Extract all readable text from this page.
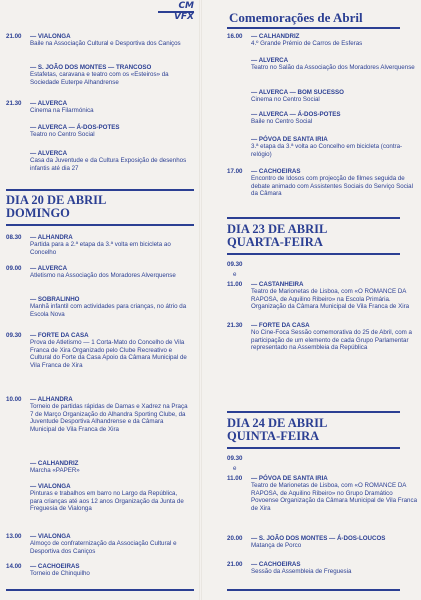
CM
VFX
21.00	— VIALONGA
Baile na Associação Cultural e Desportiva dos Caniços
— S. JOÃO DOS MONTES — TRANCOSO
Estafetas, caravana e teatro com os «Esteiros» da Sociedade Euterpe Alhandrense
21.30	— ALVERCA
Cinema na Filarmónica
— ALVERCA — Á-DOS-POTES
Teatro no Centro Social
— ALVERCA
Casa da Juventude e da Cultura Exposição de desenhos infantis até dia 27
DIA 20 DE ABRIL
DOMINGO
08.30	— ALHANDRA
Partida para a 2.ª etapa da 3.ª volta em bicicleta ao Concelho
09.00	— ALVERCA
Atletismo na Associação dos Moradores Alverquense
— SOBRALINHO
Manhã infantil com actividades para crianças, no átrio da Escola Nova
09.30	— FORTE DA CASA
Prova de Atletismo — 1 Corta-Mato do Concelho de Vila Franca de Xira Organizado pelo Clube Recreativo e Cultural do Forte da Casa Apoio da Câmara Municipal de Vila Franca de Xira
10.00	— ALHANDRA
Torneio de partidas rápidas de Damas e Xadrez na Praça 7 de Março Organização do Alhandra Sporting Clube, da Juventude Desportiva Alhandrense e da Câmara Municipal de Vila Franca de Xira
— CALHANDRIZ
Marcha «PAPER»
— VIALONGA
Pinturas e trabalhos em barro no Largo da República, para crianças até aos 12 anos Organização da Junta de Freguesia de Vialonga
13.00	— VIALONGA
Almoço de confraternização da Associação Cultural e Desportiva dos Caniços
14.00	— CACHOEIRAS
Torneio de Chinquilho
Comemorações de Abril
16.00	— CALHANDRIZ
4.º Grande Prémio de Carros de Esferas
— ALVERCA
Teatro no Salão da Associação dos Moradores Alverquense
— ALVERCA — BOM SUCESSO
Cinema no Centro Social
— ALVERCA — Á-DOS-POTES
Baile no Centro Social
— PÓVOA DE SANTA IRIA
3.ª etapa da 3.ª volta ao Concelho em bicicleta (contra-relógio)
17.00	— CACHOEIRAS
Encontro de Idosos com projecção de filmes seguida de debate animado com Assistentes Sociais do Serviço Social da Câmara
DIA 23 DE ABRIL
QUARTA-FEIRA
09.30
e
11.00	— CASTANHEIRA
Teatro de Marionetas de Lisboa, com «O ROMANCE DA RAPOSA, de Aquilino Ribeiro» na Escola Primária. Organização da Câmara Municipal de Vila Franca de Xira
21.30	— FORTE DA CASA
No Cine-Foca Sessão comemorativa do 25 de Abril, com a participação de um elemento de cada Grupo Parlamentar representado na Assembleia da República
DIA 24 DE ABRIL
QUINTA-FEIRA
09.30
e
11.00	— PÓVOA DE SANTA IRIA
Teatro de Marionetas de Lisboa, com «O ROMANCE DA RAPOSA, de Aquilino Ribeiro» no Grupo Dramático Povoense Organização da Câmara Municipal de Vila Franca de Xira
20.00	— S. JOÃO DOS MONTES — Á-DOS-LOUCOS
Matança de Porco
21.00	— CACHOEIRAS
Sessão da Assembleia de Freguesia
